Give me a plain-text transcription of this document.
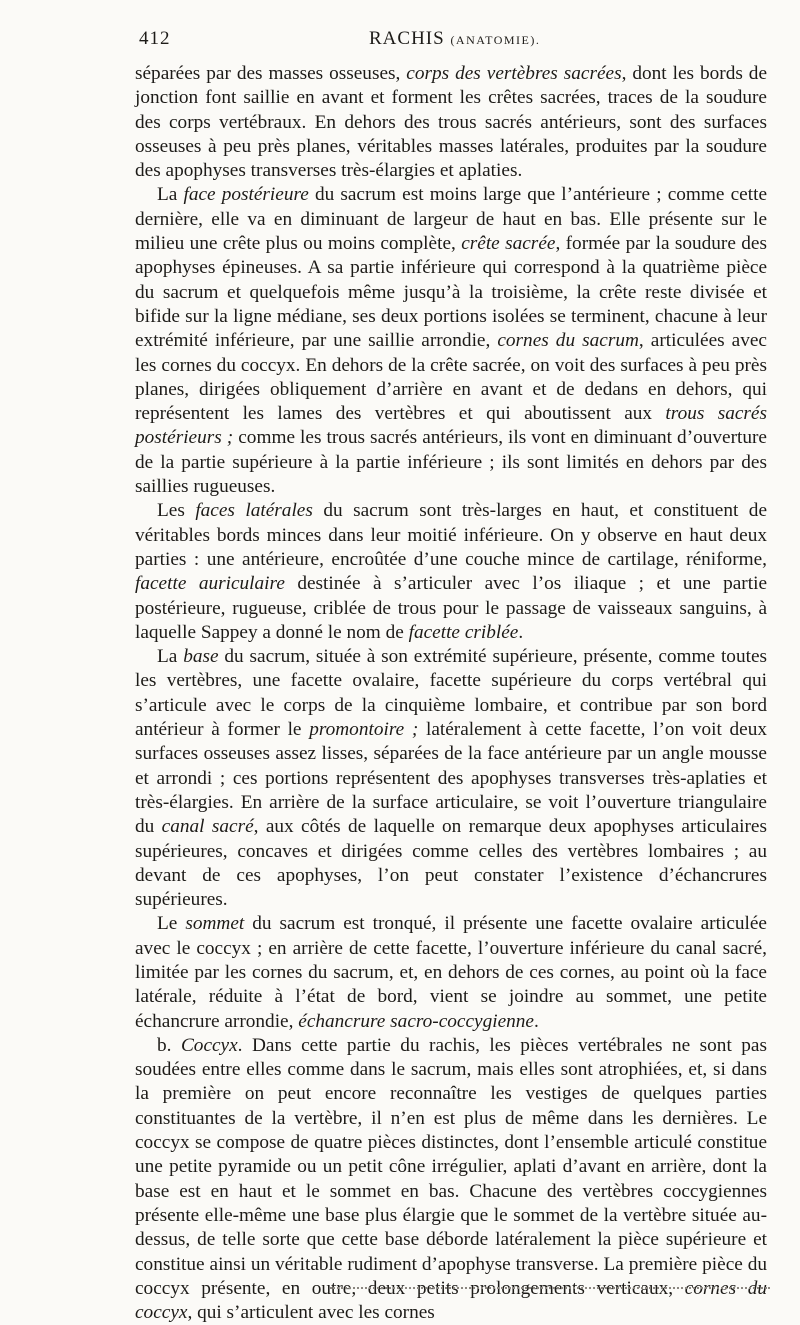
412	RACHIS (ANATOMIE).

séparées par des masses osseuses, corps des vertèbres sacrées, dont les bords de jonction font saillie en avant et forment les crêtes sacrées, traces de la soudure des corps vertébraux. En dehors des trous sacrés antérieurs, sont des surfaces osseuses à peu près planes, véritables masses latérales, produites par la soudure des apophyses transverses très-élargies et aplaties.

La face postérieure du sacrum est moins large que l’antérieure ; comme cette dernière, elle va en diminuant de largeur de haut en bas. Elle présente sur le milieu une crête plus ou moins complète, crête sacrée, formée par la soudure des apophyses épineuses. A sa partie inférieure qui correspond à la quatrième pièce du sacrum et quelquefois même jusqu’à la troisième, la crête reste divisée et bifide sur la ligne médiane, ses deux portions isolées se terminent, chacune à leur extrémité inférieure, par une saillie arrondie, cornes du sacrum, articulées avec les cornes du coccyx. En dehors de la crête sacrée, on voit des surfaces à peu près planes, dirigées obliquement d’arrière en avant et de dedans en dehors, qui représentent les lames des vertèbres et qui aboutissent aux trous sacrés postérieurs ; comme les trous sacrés antérieurs, ils vont en diminuant d’ouverture de la partie supérieure à la partie inférieure ; ils sont limités en dehors par des saillies rugueuses.

Les faces latérales du sacrum sont très-larges en haut, et constituent de véritables bords minces dans leur moitié inférieure. On y observe en haut deux parties : une antérieure, encroûtée d’une couche mince de cartilage, réniforme, facette auriculaire destinée à s’articuler avec l’os iliaque ; et une partie postérieure, rugueuse, criblée de trous pour le passage de vaisseaux sanguins, à laquelle Sappey a donné le nom de facette criblée.

La base du sacrum, située à son extrémité supérieure, présente, comme toutes les vertèbres, une facette ovalaire, facette supérieure du corps vertébral qui s’articule avec le corps de la cinquième lombaire, et contribue par son bord antérieur à former le promontoire ; latéralement à cette facette, l’on voit deux surfaces osseuses assez lisses, séparées de la face antérieure par un angle mousse et arrondi ; ces portions représentent des apophyses transverses très-aplaties et très-élargies. En arrière de la surface articulaire, se voit l’ouverture triangulaire du canal sacré, aux côtés de laquelle on remarque deux apophyses articulaires supérieures, concaves et dirigées comme celles des vertèbres lombaires ; au devant de ces apophyses, l’on peut constater l’existence d’échancrures supérieures.

Le sommet du sacrum est tronqué, il présente une facette ovalaire articulée avec le coccyx ; en arrière de cette facette, l’ouverture inférieure du canal sacré, limitée par les cornes du sacrum, et, en dehors de ces cornes, au point où la face latérale, réduite à l’état de bord, vient se joindre au sommet, une petite échancrure arrondie, échancrure sacro-coccygienne.

b. Coccyx. Dans cette partie du rachis, les pièces vertébrales ne sont pas soudées entre elles comme dans le sacrum, mais elles sont atrophiées, et, si dans la première on peut encore reconnaître les vestiges de quelques parties constituantes de la vertèbre, il n’en est plus de même dans les dernières. Le coccyx se compose de quatre pièces distinctes, dont l’ensemble articulé constitue une petite pyramide ou un petit cône irrégulier, aplati d’avant en arrière, dont la base est en haut et le sommet en bas. Chacune des vertèbres coccygiennes présente elle-même une base plus élargie que le sommet de la vertèbre située au-dessus, de telle sorte que cette base déborde latéralement la pièce supérieure et constitue ainsi un véritable rudiment d’apophyse transverse. La première pièce du coccyx présente, en outre, deux petits prolongements verticaux, cornes du coccyx, qui s’articulent avec les cornes
